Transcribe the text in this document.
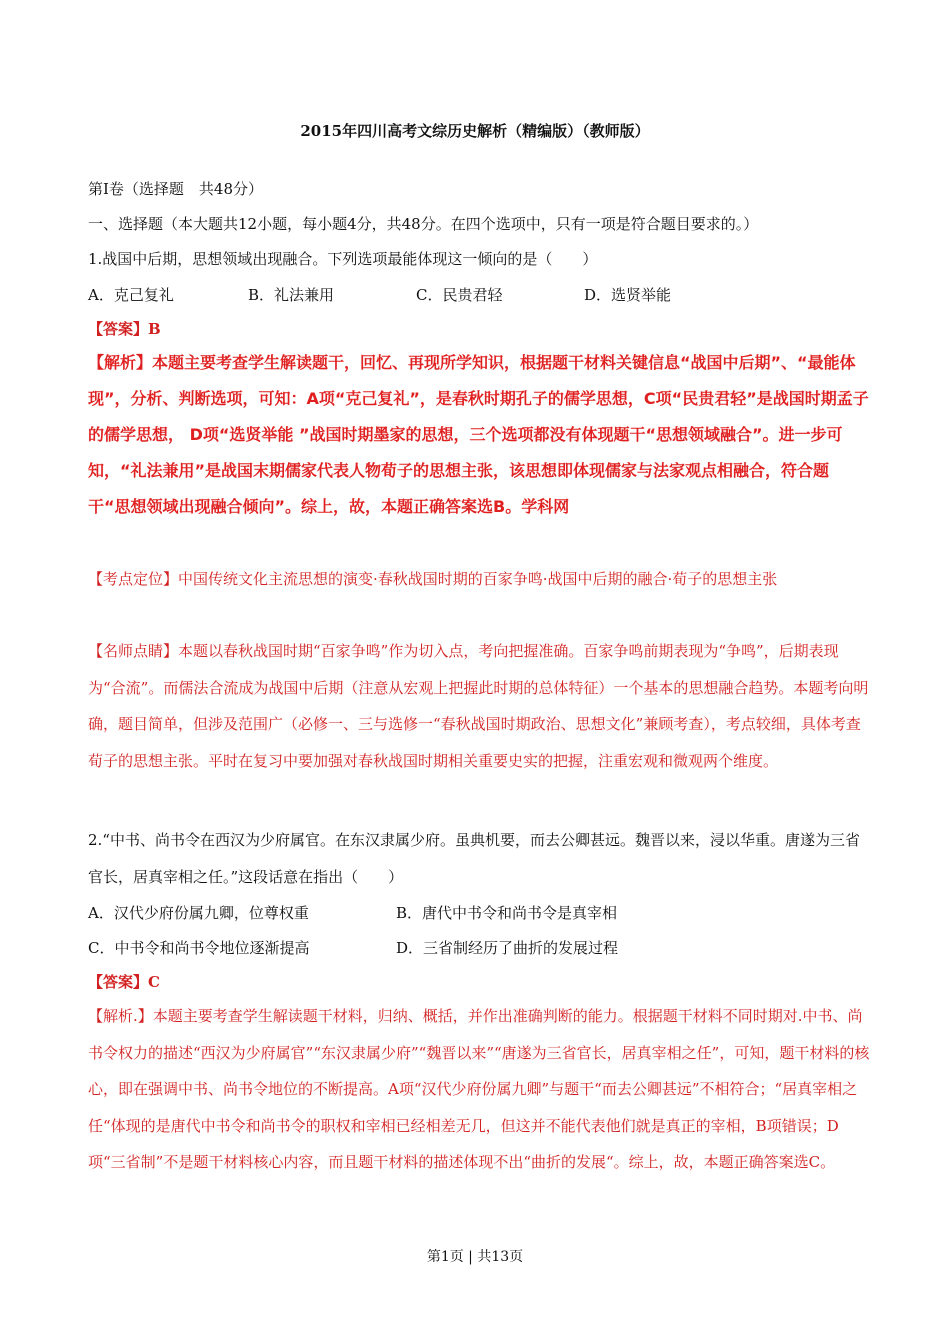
2015年四川高考文综历史解析（精编版）（教师版）
第Ⅰ卷（选择题　共48分）
一、选择题（本大题共12小题，每小题4分，共48分。在四个选项中，只有一项是符合题目要求的。）
1.战国中后期，思想领域出现融合。下列选项最能体现这一倾向的是（　　）
A．克己复礼	B．礼法兼用	C．民贵君轻	D．选贤举能
【答案】B
【解析】本题主要考查学生解读题干，回忆、再现所学知识，根据题干材料关键信息“战国中后期”、“最能体现”，分析、判断选项，可知：A项“克己复礼”，是春秋时期孔子的儒学思想，C项“民贵君轻”是战国时期孟子的儒学思想， D项“选贤举能 ”战国时期墨家的思想，三个选项都没有体现题干“思想领域融合”。进一步可知，“礼法兼用”是战国末期儒家代表人物荀子的思想主张，该思想即体现儒家与法家观点相融合，符合题干“思想领域出现融合倾向”。综上，故，本题正确答案选B。学科网
【考点定位】中国传统文化主流思想的演变·春秋战国时期的百家争鸣·战国中后期的融合·荀子的思想主张
【名师点睛】本题以春秋战国时期“百家争鸣”作为切入点，考向把握准确。百家争鸣前期表现为“争鸣”，后期表现为“合流”。而儒法合流成为战国中后期（注意从宏观上把握此时期的总体特征）一个基本的思想融合趋势。本题考向明确，题目简单，但涉及范围广（必修一、三与选修一“春秋战国时期政治、思想文化”兼顾考查），考点较细，具体考查荀子的思想主张。平时在复习中要加强对春秋战国时期相关重要史实的把握，注重宏观和微观两个维度。
2.“中书、尚书令在西汉为少府属官。在东汉隶属少府。虽典机要，而去公卿甚远。魏晋以来，浸以华重。唐遂为三省官长，居真宰相之任。”这段话意在指出（　　）
A．汉代少府份属九卿，位尊权重	B．唐代中书令和尚书令是真宰相
C．中书令和尚书令地位逐渐提高	D．三省制经历了曲折的发展过程
【答案】C
【解析.】本题主要考查学生解读题干材料，归纳、概括，并作出准确判断的能力。根据题干材料不同时期对.中书、尚书令权力的描述“西汉为少府属官”“东汉隶属少府”“魏晋以来”“唐遂为三省官长，居真宰相之任”，可知，题干材料的核心，即在强调中书、尚书令地位的不断提高。A项“汉代少府份属九卿”与题干“而去公卿甚远”不相符合；“居真宰相之任“体现的是唐代中书令和尚书令的职权和宰相已经相差无几，但这并不能代表他们就是真正的宰相，B项错误；D项“三省制”不是题干材料核心内容，而且题干材料的描述体现不出“曲折的发展“。综上，故，本题正确答案选C。
第1页 | 共13页
